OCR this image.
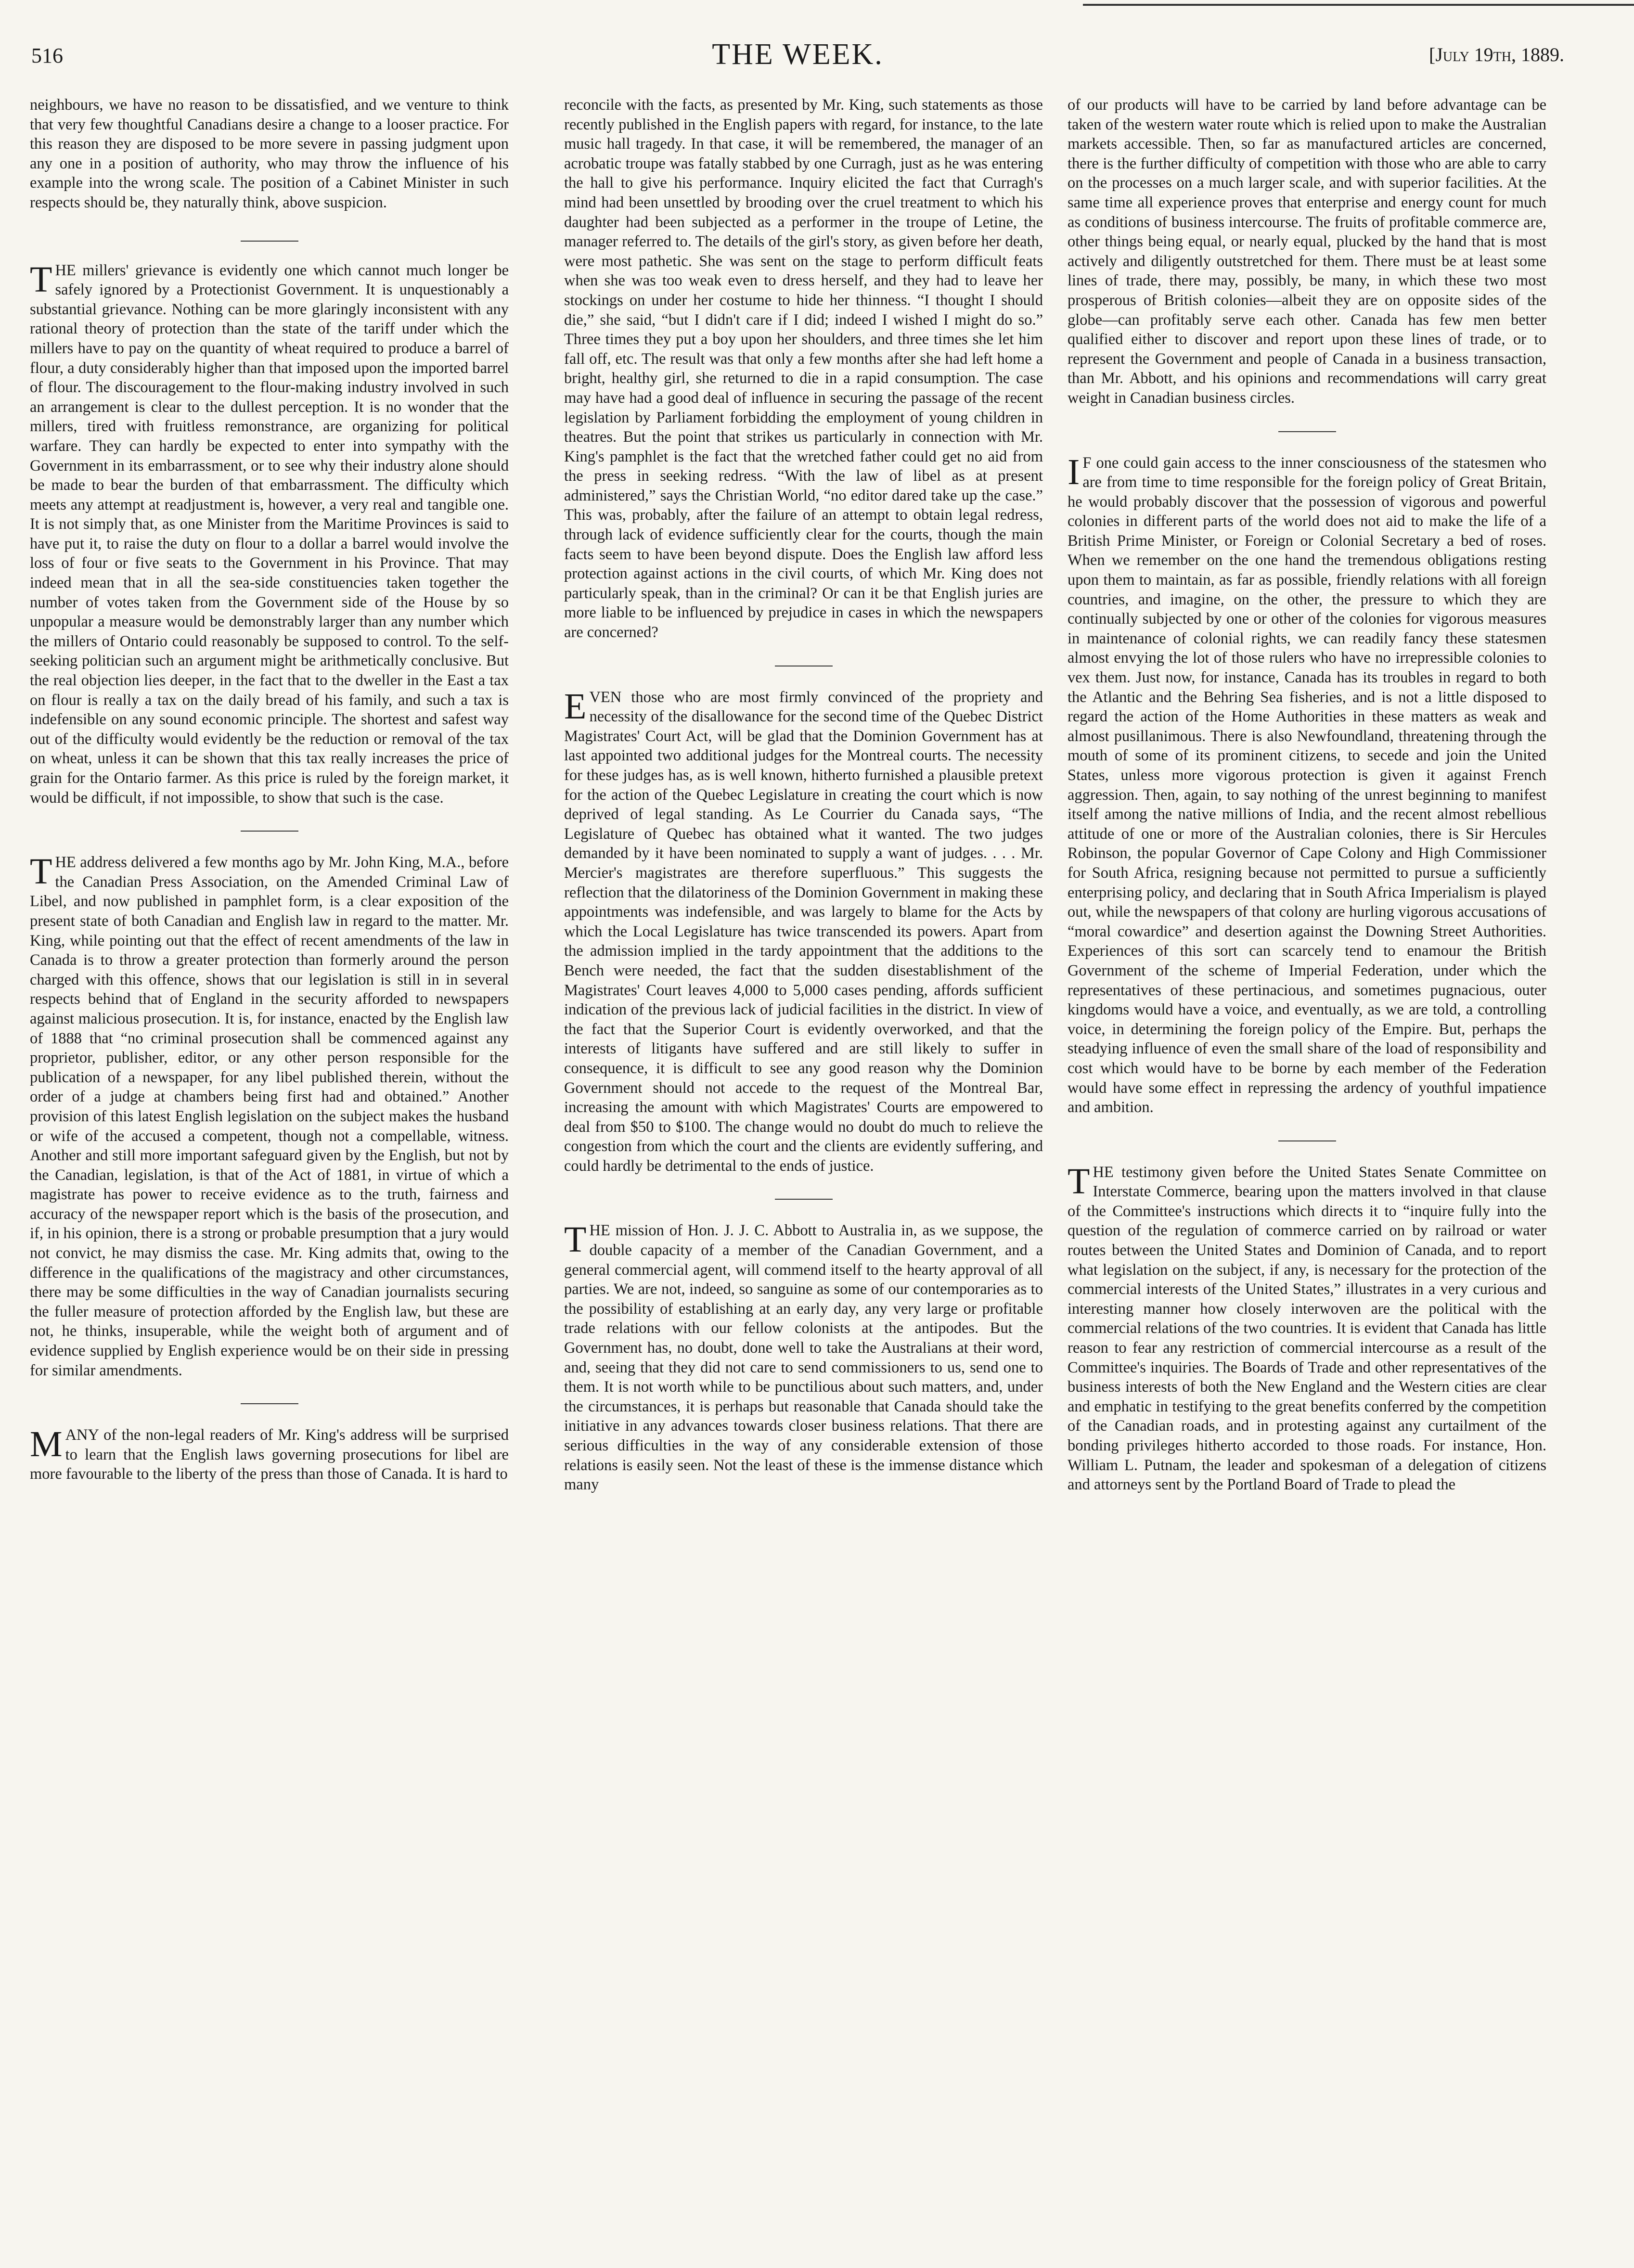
516	THE WEEK.	[July 19th, 1889.

neighbours, we have no reason to be dissatisfied, and we venture to think that very few thoughtful Canadians desire a change to a looser practice. For this reason they are disposed to be more severe in passing judgment upon any one in a position of authority, who may throw the influence of his example into the wrong scale. The position of a Cabinet Minister in such respects should be, they naturally think, above suspicion.

THE millers' grievance is evidently one which cannot much longer be safely ignored by a Protectionist Government. It is unquestionably a substantial grievance. Nothing can be more glaringly inconsistent with any rational theory of protection than the state of the tariff under which the millers have to pay on the quantity of wheat required to produce a barrel of flour, a duty considerably higher than that imposed upon the imported barrel of flour. The discouragement to the flour-making industry involved in such an arrangement is clear to the dullest perception. It is no wonder that the millers, tired with fruitless remonstrance, are organizing for political warfare. They can hardly be expected to enter into sympathy with the Government in its embarrassment, or to see why their industry alone should be made to bear the burden of that embarrassment. The difficulty which meets any attempt at readjustment is, however, a very real and tangible one. It is not simply that, as one Minister from the Maritime Provinces is said to have put it, to raise the duty on flour to a dollar a barrel would involve the loss of four or five seats to the Government in his Province. That may indeed mean that in all the sea-side constituencies taken together the number of votes taken from the Government side of the House by so unpopular a measure would be demonstrably larger than any number which the millers of Ontario could reasonably be supposed to control. To the self-seeking politician such an argument might be arithmetically conclusive. But the real objection lies deeper, in the fact that to the dweller in the East a tax on flour is really a tax on the daily bread of his family, and such a tax is indefensible on any sound economic principle. The shortest and safest way out of the difficulty would evidently be the reduction or removal of the tax on wheat, unless it can be shown that this tax really increases the price of grain for the Ontario farmer. As this price is ruled by the foreign market, it would be difficult, if not impossible, to show that such is the case.

THE address delivered a few months ago by Mr. John King, M.A., before the Canadian Press Association, on the Amended Criminal Law of Libel, and now published in pamphlet form, is a clear exposition of the present state of both Canadian and English law in regard to the matter. Mr. King, while pointing out that the effect of recent amendments of the law in Canada is to throw a greater protection than formerly around the person charged with this offence, shows that our legislation is still in in several respects behind that of England in the security afforded to newspapers against malicious prosecution. It is, for instance, enacted by the English law of 1888 that “no criminal prosecution shall be commenced against any proprietor, publisher, editor, or any other person responsible for the publication of a newspaper, for any libel published therein, without the order of a judge at chambers being first had and obtained.” Another provision of this latest English legislation on the subject makes the husband or wife of the accused a competent, though not a compellable, witness. Another and still more important safeguard given by the English, but not by the Canadian, legislation, is that of the Act of 1881, in virtue of which a magistrate has power to receive evidence as to the truth, fairness and accuracy of the newspaper report which is the basis of the prosecution, and if, in his opinion, there is a strong or probable presumption that a jury would not convict, he may dismiss the case. Mr. King admits that, owing to the difference in the qualifications of the magistracy and other circumstances, there may be some difficulties in the way of Canadian journalists securing the fuller measure of protection afforded by the English law, but these are not, he thinks, insuperable, while the weight both of argument and of evidence supplied by English experience would be on their side in pressing for similar amendments.

MANY of the non-legal readers of Mr. King's address will be surprised to learn that the English laws governing prosecutions for libel are more favourable to the liberty of the press than those of Canada. It is hard to

reconcile with the facts, as presented by Mr. King, such statements as those recently published in the English papers with regard, for instance, to the late music hall tragedy. In that case, it will be remembered, the manager of an acrobatic troupe was fatally stabbed by one Curragh, just as he was entering the hall to give his performance. Inquiry elicited the fact that Curragh's mind had been unsettled by brooding over the cruel treatment to which his daughter had been subjected as a performer in the troupe of Letine, the manager referred to. The details of the girl's story, as given before her death, were most pathetic. She was sent on the stage to perform difficult feats when she was too weak even to dress herself, and they had to leave her stockings on under her costume to hide her thinness. “I thought I should die,” she said, “but I didn't care if I did; indeed I wished I might do so.” Three times they put a boy upon her shoulders, and three times she let him fall off, etc. The result was that only a few months after she had left home a bright, healthy girl, she returned to die in a rapid consumption. The case may have had a good deal of influence in securing the passage of the recent legislation by Parliament forbidding the employment of young children in theatres. But the point that strikes us particularly in connection with Mr. King's pamphlet is the fact that the wretched father could get no aid from the press in seeking redress. “With the law of libel as at present administered,” says the Christian World, “no editor dared take up the case.” This was, probably, after the failure of an attempt to obtain legal redress, through lack of evidence sufficiently clear for the courts, though the main facts seem to have been beyond dispute. Does the English law afford less protection against actions in the civil courts, of which Mr. King does not particularly speak, than in the criminal? Or can it be that English juries are more liable to be influenced by prejudice in cases in which the newspapers are concerned?

EVEN those who are most firmly convinced of the propriety and necessity of the disallowance for the second time of the Quebec District Magistrates' Court Act, will be glad that the Dominion Government has at last appointed two additional judges for the Montreal courts. The necessity for these judges has, as is well known, hitherto furnished a plausible pretext for the action of the Quebec Legislature in creating the court which is now deprived of legal standing. As Le Courrier du Canada says, “The Legislature of Quebec has obtained what it wanted. The two judges demanded by it have been nominated to supply a want of judges. . . . Mr. Mercier's magistrates are therefore superfluous.” This suggests the reflection that the dilatoriness of the Dominion Government in making these appointments was indefensible, and was largely to blame for the Acts by which the Local Legislature has twice transcended its powers. Apart from the admission implied in the tardy appointment that the additions to the Bench were needed, the fact that the sudden disestablishment of the Magistrates' Court leaves 4,000 to 5,000 cases pending, affords sufficient indication of the previous lack of judicial facilities in the district. In view of the fact that the Superior Court is evidently overworked, and that the interests of litigants have suffered and are still likely to suffer in consequence, it is difficult to see any good reason why the Dominion Government should not accede to the request of the Montreal Bar, increasing the amount with which Magistrates' Courts are empowered to deal from $50 to $100. The change would no doubt do much to relieve the congestion from which the court and the clients are evidently suffering, and could hardly be detrimental to the ends of justice.

THE mission of Hon. J. J. C. Abbott to Australia in, as we suppose, the double capacity of a member of the Canadian Government, and a general commercial agent, will commend itself to the hearty approval of all parties. We are not, indeed, so sanguine as some of our contemporaries as to the possibility of establishing at an early day, any very large or profitable trade relations with our fellow colonists at the antipodes. But the Government has, no doubt, done well to take the Australians at their word, and, seeing that they did not care to send commissioners to us, send one to them. It is not worth while to be punctilious about such matters, and, under the circumstances, it is perhaps but reasonable that Canada should take the initiative in any advances towards closer business relations. That there are serious difficulties in the way of any considerable extension of those relations is easily seen. Not the least of these is the immense distance which many

of our products will have to be carried by land before advantage can be taken of the western water route which is relied upon to make the Australian markets accessible. Then, so far as manufactured articles are concerned, there is the further difficulty of competition with those who are able to carry on the processes on a much larger scale, and with superior facilities. At the same time all experience proves that enterprise and energy count for much as conditions of business intercourse. The fruits of profitable commerce are, other things being equal, or nearly equal, plucked by the hand that is most actively and diligently outstretched for them. There must be at least some lines of trade, there may, possibly, be many, in which these two most prosperous of British colonies—albeit they are on opposite sides of the globe—can profitably serve each other. Canada has few men better qualified either to discover and report upon these lines of trade, or to represent the Government and people of Canada in a business transaction, than Mr. Abbott, and his opinions and recommendations will carry great weight in Canadian business circles.

I F one could gain access to the inner consciousness of the statesmen who are from time to time responsible for the foreign policy of Great Britain, he would probably discover that the possession of vigorous and powerful colonies in different parts of the world does not aid to make the life of a British Prime Minister, or Foreign or Colonial Secretary a bed of roses. When we remember on the one hand the tremendous obligations resting upon them to maintain, as far as possible, friendly relations with all foreign countries, and imagine, on the other, the pressure to which they are continually subjected by one or other of the colonies for vigorous measures in maintenance of colonial rights, we can readily fancy these statesmen almost envying the lot of those rulers who have no irrepressible colonies to vex them. Just now, for instance, Canada has its troubles in regard to both the Atlantic and the Behring Sea fisheries, and is not a little disposed to regard the action of the Home Authorities in these matters as weak and almost pusillanimous. There is also Newfoundland, threatening through the mouth of some of its prominent citizens, to secede and join the United States, unless more vigorous protection is given it against French aggression. Then, again, to say nothing of the unrest beginning to manifest itself among the native millions of India, and the recent almost rebellious attitude of one or more of the Australian colonies, there is Sir Hercules Robinson, the popular Governor of Cape Colony and High Commissioner for South Africa, resigning because not permitted to pursue a sufficiently enterprising policy, and declaring that in South Africa Imperialism is played out, while the newspapers of that colony are hurling vigorous accusations of “moral cowardice” and desertion against the Downing Street Authorities. Experiences of this sort can scarcely tend to enamour the British Government of the scheme of Imperial Federation, under which the representatives of these pertinacious, and sometimes pugnacious, outer kingdoms would have a voice, and eventually, as we are told, a controlling voice, in determining the foreign policy of the Empire. But, perhaps the steadying influence of even the small share of the load of responsibility and cost which would have to be borne by each member of the Federation would have some effect in repressing the ardency of youthful impatience and ambition.

THE testimony given before the United States Senate Committee on Interstate Commerce, bearing upon the matters involved in that clause of the Committee's instructions which directs it to “inquire fully into the question of the regulation of commerce carried on by railroad or water routes between the United States and Dominion of Canada, and to report what legislation on the subject, if any, is necessary for the protection of the commercial interests of the United States,” illustrates in a very curious and interesting manner how closely interwoven are the political with the commercial relations of the two countries. It is evident that Canada has little reason to fear any restriction of commercial intercourse as a result of the Committee's inquiries. The Boards of Trade and other representatives of the business interests of both the New England and the Western cities are clear and emphatic in testifying to the great benefits conferred by the competition of the Canadian roads, and in protesting against any curtailment of the bonding privileges hitherto accorded to those roads. For instance, Hon. William L. Putnam, the leader and spokesman of a delegation of citizens and attorneys sent by the Portland Board of Trade to plead the
